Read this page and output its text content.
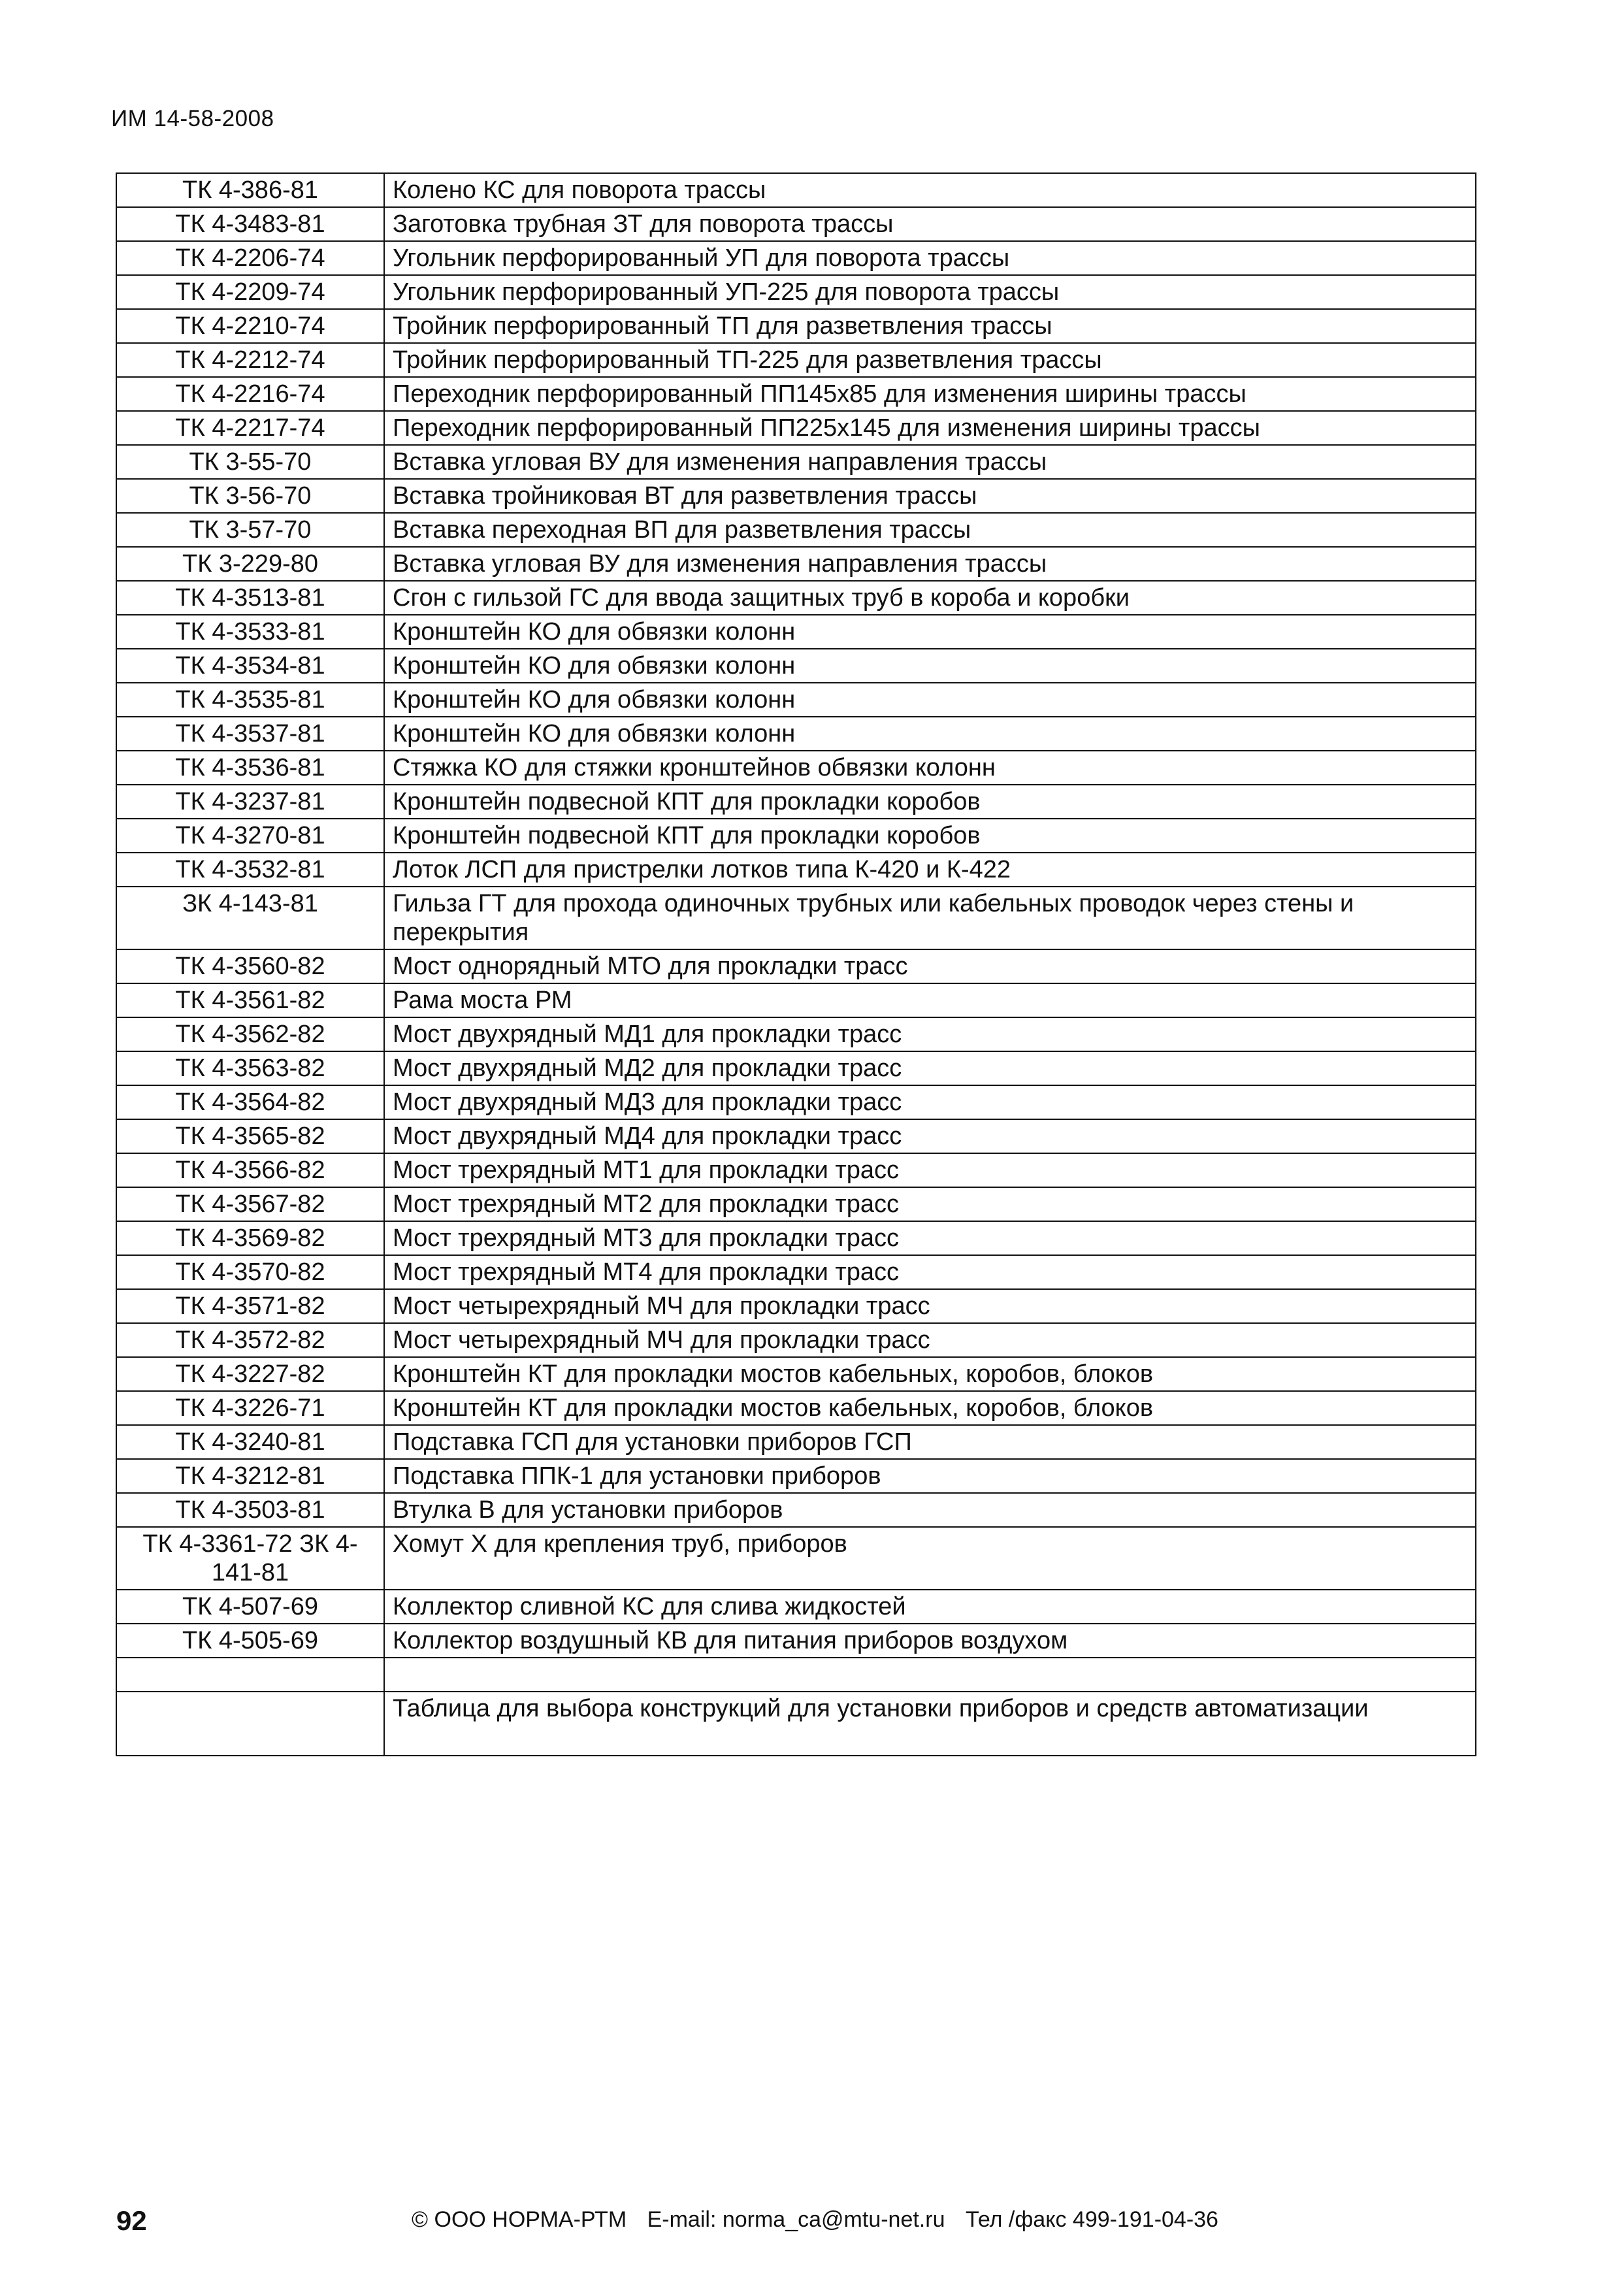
ИМ 14-58-2008
ТК 4-386-81	Колено КС для поворота трассы
ТК 4-3483-81	Заготовка трубная ЗТ для поворота трассы
ТК 4-2206-74	Угольник перфорированный УП для поворота трассы
ТК 4-2209-74	Угольник перфорированный УП-225 для поворота трассы
ТК 4-2210-74	Тройник перфорированный ТП для разветвления трассы
ТК 4-2212-74	Тройник перфорированный ТП-225 для разветвления трассы
ТК 4-2216-74	Переходник перфорированный ПП145х85 для изменения ширины трассы
ТК 4-2217-74	Переходник перфорированный ПП225х145 для изменения ширины трассы
ТК 3-55-70	Вставка угловая ВУ для изменения направления трассы
ТК 3-56-70	Вставка тройниковая ВТ для разветвления трассы
ТК 3-57-70	Вставка переходная ВП для разветвления трассы
ТК 3-229-80	Вставка угловая ВУ для изменения направления трассы
ТК 4-3513-81	Сгон с гильзой ГС для ввода защитных труб в короба и коробки
ТК 4-3533-81	Кронштейн КО для обвязки колонн
ТК 4-3534-81	Кронштейн КО для обвязки колонн
ТК 4-3535-81	Кронштейн КО для обвязки колонн
ТК 4-3537-81	Кронштейн КО для обвязки колонн
ТК 4-3536-81	Стяжка КО для стяжки кронштейнов обвязки колонн
ТК 4-3237-81	Кронштейн подвесной КПТ для прокладки коробов
ТК 4-3270-81	Кронштейн подвесной КПТ для прокладки коробов
ТК 4-3532-81	Лоток ЛСП для пристрелки лотков типа К-420 и К-422
ЗК 4-143-81	Гильза ГТ для прохода одиночных трубных или кабельных проводок через стены и перекрытия
ТК 4-3560-82	Мост однорядный МТО для прокладки трасс
ТК 4-3561-82	Рама моста РМ
ТК 4-3562-82	Мост двухрядный МД1 для прокладки трасс
ТК 4-3563-82	Мост двухрядный МД2 для прокладки трасс
ТК 4-3564-82	Мост двухрядный МД3 для прокладки трасс
ТК 4-3565-82	Мост двухрядный МД4 для прокладки трасс
ТК 4-3566-82	Мост трехрядный МТ1 для прокладки трасс
ТК 4-3567-82	Мост трехрядный МТ2 для прокладки трасс
ТК 4-3569-82	Мост трехрядный МТ3 для прокладки трасс
ТК 4-3570-82	Мост трехрядный МТ4 для прокладки трасс
ТК 4-3571-82	Мост четырехрядный МЧ для прокладки трасс
ТК 4-3572-82	Мост четырехрядный МЧ для прокладки трасс
ТК 4-3227-82	Кронштейн КТ для прокладки мостов кабельных, коробов, блоков
ТК 4-3226-71	Кронштейн КТ для прокладки мостов кабельных, коробов, блоков
ТК 4-3240-81	Подставка ГСП для установки приборов ГСП
ТК 4-3212-81	Подставка ППК-1 для установки приборов
ТК 4-3503-81	Втулка В для установки приборов
ТК 4-3361-72 ЗК 4-141-81	Хомут Х для крепления труб, приборов
ТК 4-507-69	Коллектор сливной КС для слива жидкостей
ТК 4-505-69	Коллектор воздушный КВ для питания приборов воздухом

	Таблица для выбора конструкций для установки приборов и средств автоматизации
92	© ООО НОРМА-РТМ E-mail: norma_ca@mtu-net.ru Тел /факс 499-191-04-36
